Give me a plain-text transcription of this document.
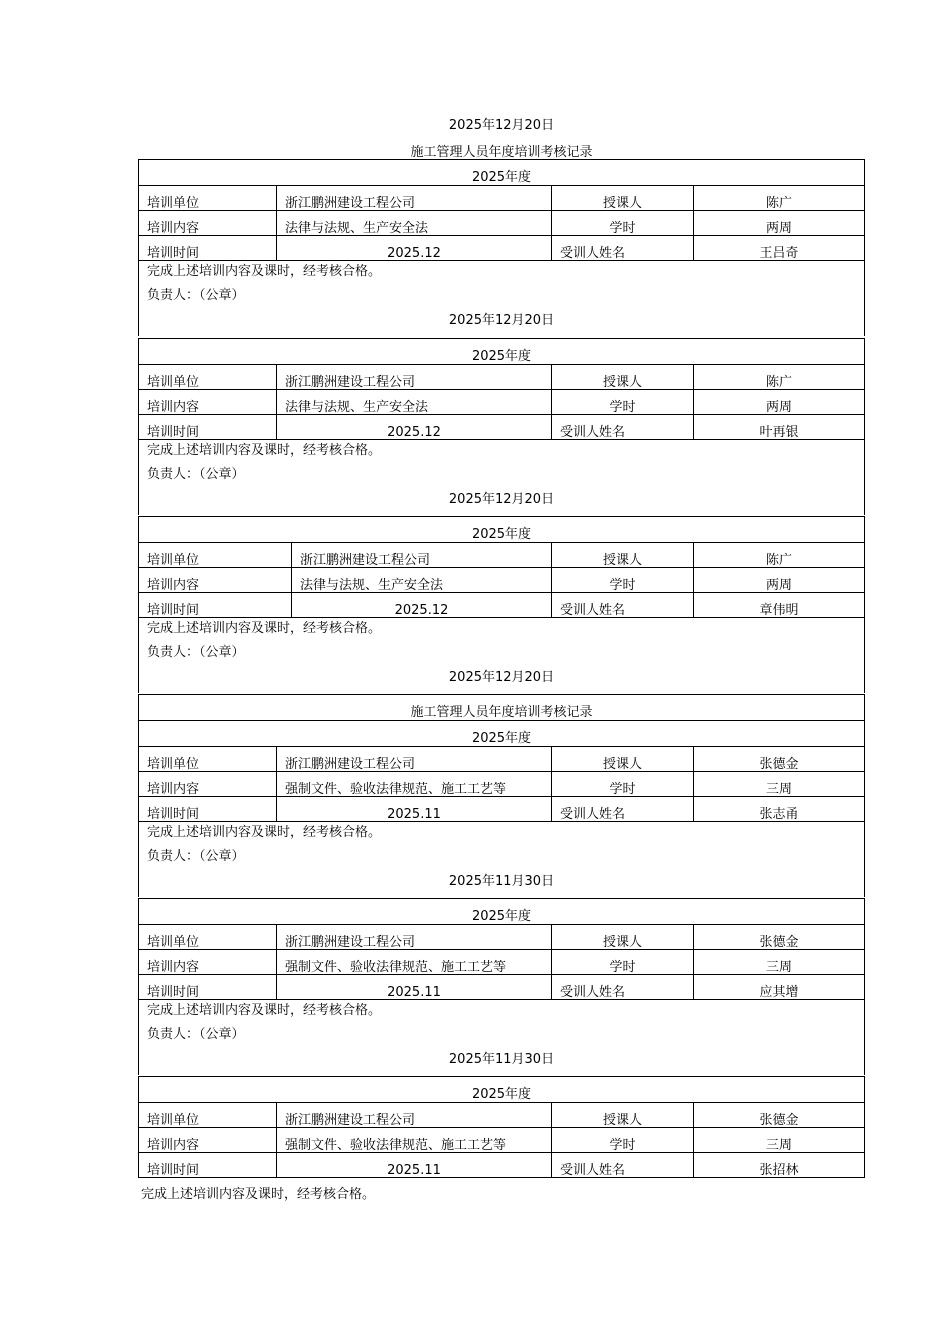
2025年12月20日
施工管理人员年度培训考核记录
2025年度
培训单位	浙江鹏洲建设工程公司	授课人	陈广
培训内容	法律与法规、生产安全法	学时	两周
培训时间	2025.12	受训人姓名	王吕奇
完成上述培训内容及课时，经考核合格。
负责人：（公章）
2025年12月20日
2025年度
培训单位	浙江鹏洲建设工程公司	授课人	陈广
培训内容	法律与法规、生产安全法	学时	两周
培训时间	2025.12	受训人姓名	叶再银
完成上述培训内容及课时，经考核合格。
负责人：（公章）
2025年12月20日
2025年度
培训单位	浙江鹏洲建设工程公司	授课人	陈广
培训内容	法律与法规、生产安全法	学时	两周
培训时间	2025.12	受训人姓名	章伟明
完成上述培训内容及课时，经考核合格。
负责人：（公章）
2025年12月20日
施工管理人员年度培训考核记录
2025年度
培训单位	浙江鹏洲建设工程公司	授课人	张德金
培训内容	强制文件、验收法律规范、施工工艺等	学时	三周
培训时间	2025.11	受训人姓名	张志甬
完成上述培训内容及课时，经考核合格。
负责人：（公章）
2025年11月30日
2025年度
培训单位	浙江鹏洲建设工程公司	授课人	张德金
培训内容	强制文件、验收法律规范、施工工艺等	学时	三周
培训时间	2025.11	受训人姓名	应其增
完成上述培训内容及课时，经考核合格。
负责人：（公章）
2025年11月30日
2025年度
培训单位	浙江鹏洲建设工程公司	授课人	张德金
培训内容	强制文件、验收法律规范、施工工艺等	学时	三周
培训时间	2025.11	受训人姓名	张招林
完成上述培训内容及课时，经考核合格。
